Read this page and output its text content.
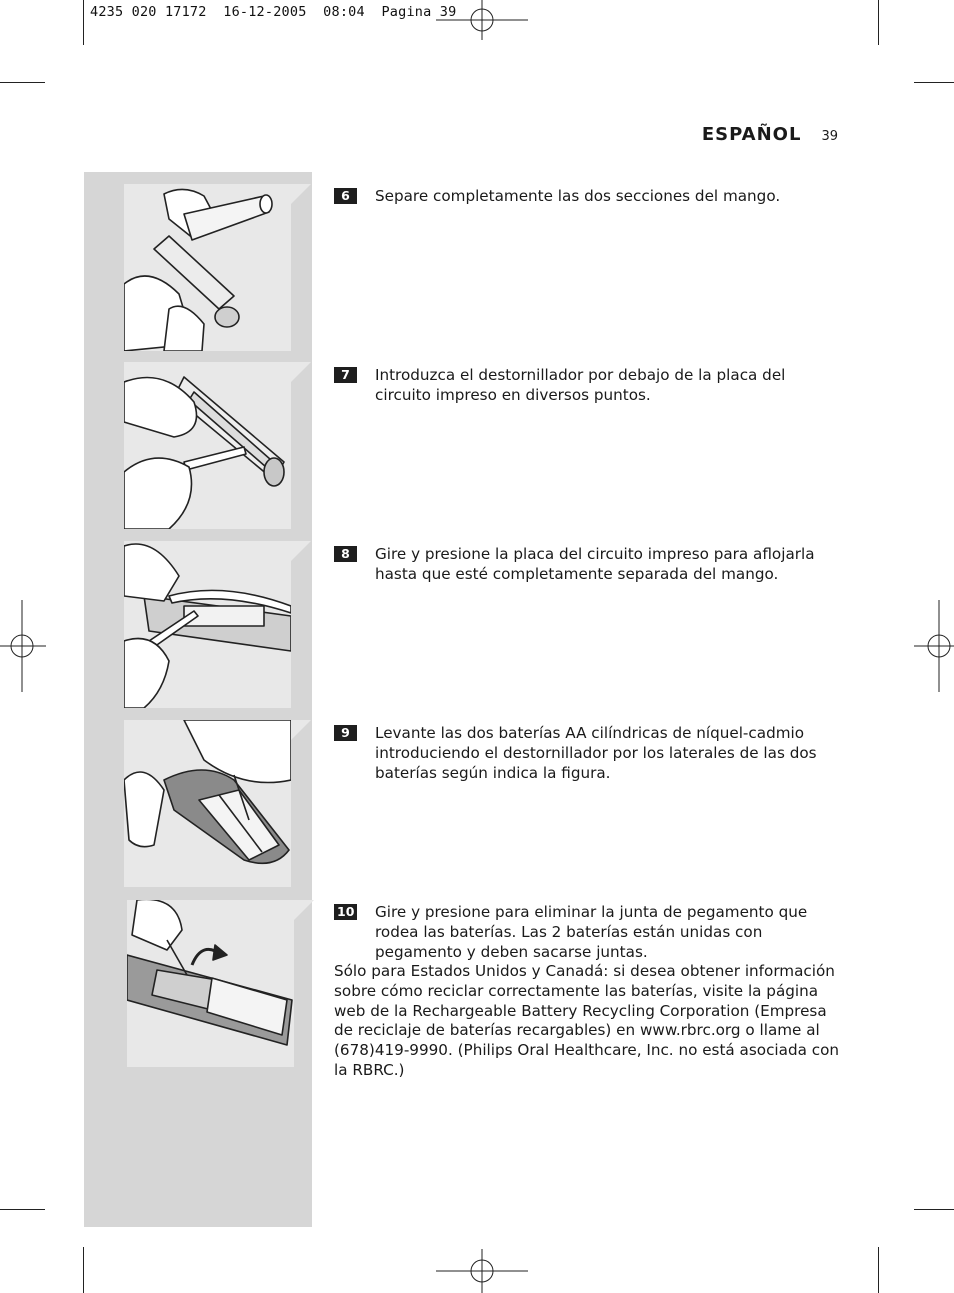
4235 020 17172  16-12-2005  08:04  Pagina 39
ESPAÑOL 39
6	Separe completamente las dos secciones del mango.
7	Introduzca el destornillador por debajo de la placa del circuito impreso en diversos puntos.
8	Gire y presione la placa del circuito impreso para aflojarla hasta que esté completamente separada del mango.
9	Levante las dos baterías AA cilíndricas de níquel-cadmio introduciendo el destornillador por los laterales de las dos baterías según indica la figura.
10	Gire y presione para eliminar la junta de pegamento que rodea las baterías. Las 2 baterías están unidas con pegamento y deben sacarse juntas.
Sólo para Estados Unidos y Canadá: si desea obtener información sobre cómo reciclar correctamente las baterías, visite la página web de la Rechargeable Battery Recycling Corporation (Empresa de reciclaje de baterías recargables) en www.rbrc.org o llame al (678)419-9990. (Philips Oral Healthcare, Inc. no está asociada con la RBRC.)
